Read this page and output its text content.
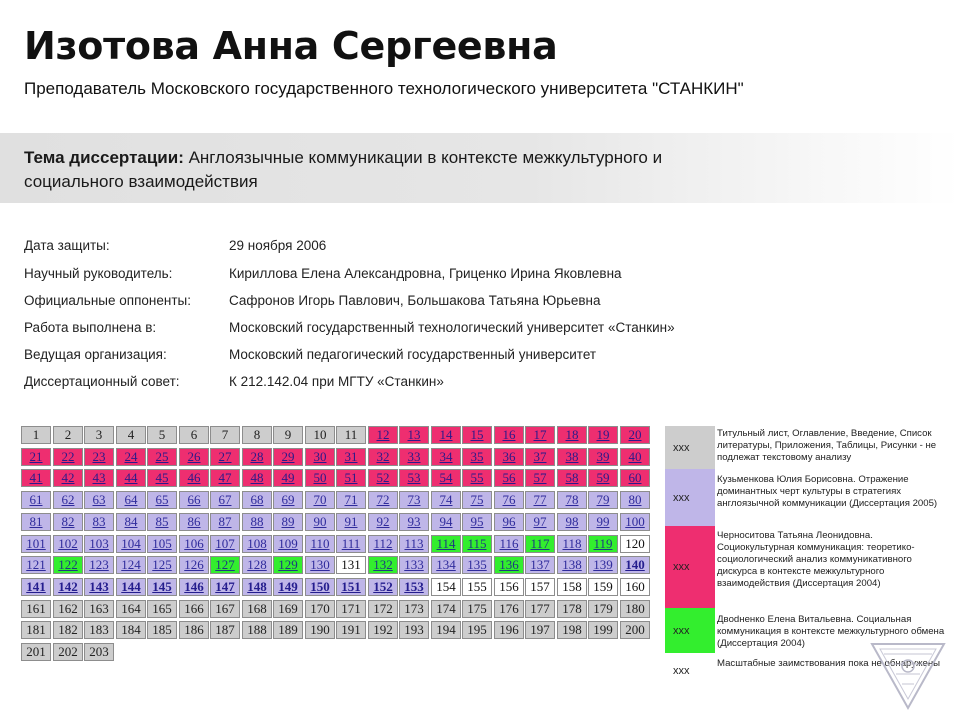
Изотова Анна Сергеевна
Преподаватель Московского государственного технологического университета "СТАНКИН"
Тема диссертации: Англоязычные коммуникации в контексте межкультурного и социального взаимодействия
Дата защиты:	29 ноября 2006
Научный руководитель:	Кириллова Елена Александровна, Гриценко Ирина Яковлевна
Официальные оппоненты:	Сафронов Игорь Павлович, Большакова Татьяна Юрьевна
Работа выполнена в:	Московский государственный технологический университет «Станкин»
Ведущая организация:	Московский педагогический государственный университет
Диссертационный совет:	К 212.142.04 при МГТУ «Станкин»
1	2	3	4	5	6	7	8	9	10	11	12	13	14	15	16	17	18	19	20
21	22	23	24	25	26	27	28	29	30	31	32	33	34	35	36	37	38	39	40
41	42	43	44	45	46	47	48	49	50	51	52	53	54	55	56	57	58	59	60
61	62	63	64	65	66	67	68	69	70	71	72	73	74	75	76	77	78	79	80
81	82	83	84	85	86	87	88	89	90	91	92	93	94	95	96	97	98	99	100
101 102 103 104 105 106 107 108 109 110 111	112 113 114 115 116 117 118 119 120
121 122 123 124 125 126 127 128 129 130 131 132 133 134 135 136 137 138 139 140
141 142 143 144 145 146 147 148 149 150 151 152 153 154 155 156 157 158 159 160
161 162 163 164 165 166 167 168 169 170 171 172 173 174 175 176 177 178 179 180
181 182 183 184 185 186 187 188 189 190 191 192 193 194 195 196 197 198 199 200
201 202 203
ххх
Титульный лист, Оглавление, Введение, Список литературы, Приложения, Таблицы, Рисунки - не подлежат текстовому анализу
ххх
Кузьменкова Юлия Борисовна. Отражение доминантных черт культуры в стратегиях англоязычной коммуникации (Диссертация 2005)
ххх
Черноситова Татьяна Леонидовна. Социокультурная коммуникация: теоретико-социологический анализ коммуникативного дискурса в контексте межкультурного взаимодействия (Диссертация 2004)
ххх
Двodненко Елена Витальевна. Социальная коммуникация в контексте межкультурного обмена (Диссертация 2004)
ххх
Масштабные заимствования пока не обнаружены
